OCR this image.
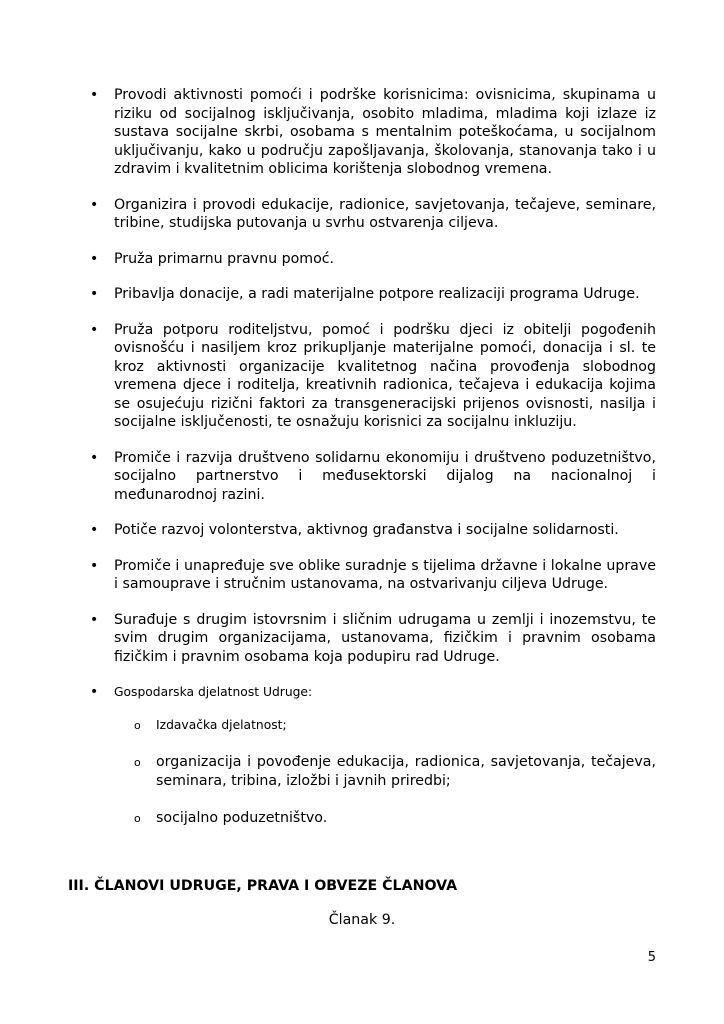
• Provodi aktivnosti pomoći i podrške korisnicima: ovisnicima, skupinama u riziku od socijalnog isključivanja, osobito mladima, mladima koji izlaze iz sustava socijalne skrbi, osobama s mentalnim poteškoćama, u socijalnom uključivanju, kako u području zapošljavanja, školovanja, stanovanja tako i u zdravim i kvalitetnim oblicima korištenja slobodnog vremena.
• Organizira i provodi edukacije, radionice, savjetovanja, tečajeve, seminare, tribine, studijska putovanja u svrhu ostvarenja ciljeva.
• Pruža primarnu pravnu pomoć.
• Pribavlja donacije, a radi materijalne potpore realizaciji programa Udruge.
• Pruža potporu roditeljstvu, pomoć i podršku djeci iz obitelji pogođenih ovisnošću i nasiljem kroz prikupljanje materijalne pomoći, donacija i sl. te kroz aktivnosti organizacije kvalitetnog načina provođenja slobodnog vremena djece i roditelja, kreativnih radionica, tečajeva i edukacija kojima se osujećuju rizični faktori za transgeneracijski prijenos ovisnosti, nasilja i socijalne isključenosti, te osnažuju korisnici za socijalnu inkluziju.
• Promiče i razvija društveno solidarnu ekonomiju i društveno poduzetništvo, socijalno partnerstvo i međusektorski dijalog na nacionalnoj i međunarodnoj razini.
• Potiče razvoj volonterstva, aktivnog građanstva i socijalne solidarnosti.
• Promiče i unapređuje sve oblike suradnje s tijelima državne i lokalne uprave i samouprave i stručnim ustanovama, na ostvarivanju ciljeva Udruge.
• Surađuje s drugim istovrsnim i sličnim udrugama u zemlji i inozemstvu, te svim drugim organizacijama, ustanovama, fizičkim i pravnim osobama fizičkim i pravnim osobama koja podupiru rad Udruge.
• Gospodarska djelatnost Udruge:
o Izdavačka djelatnost;
o organizacija i povođenje edukacija, radionica, savjetovanja, tečajeva, seminara, tribina, izložbi i javnih priredbi;
o socijalno poduzetništvo.
III. ČLANOVI UDRUGE, PRAVA I OBVEZE ČLANOVA
Članak 9.
5
